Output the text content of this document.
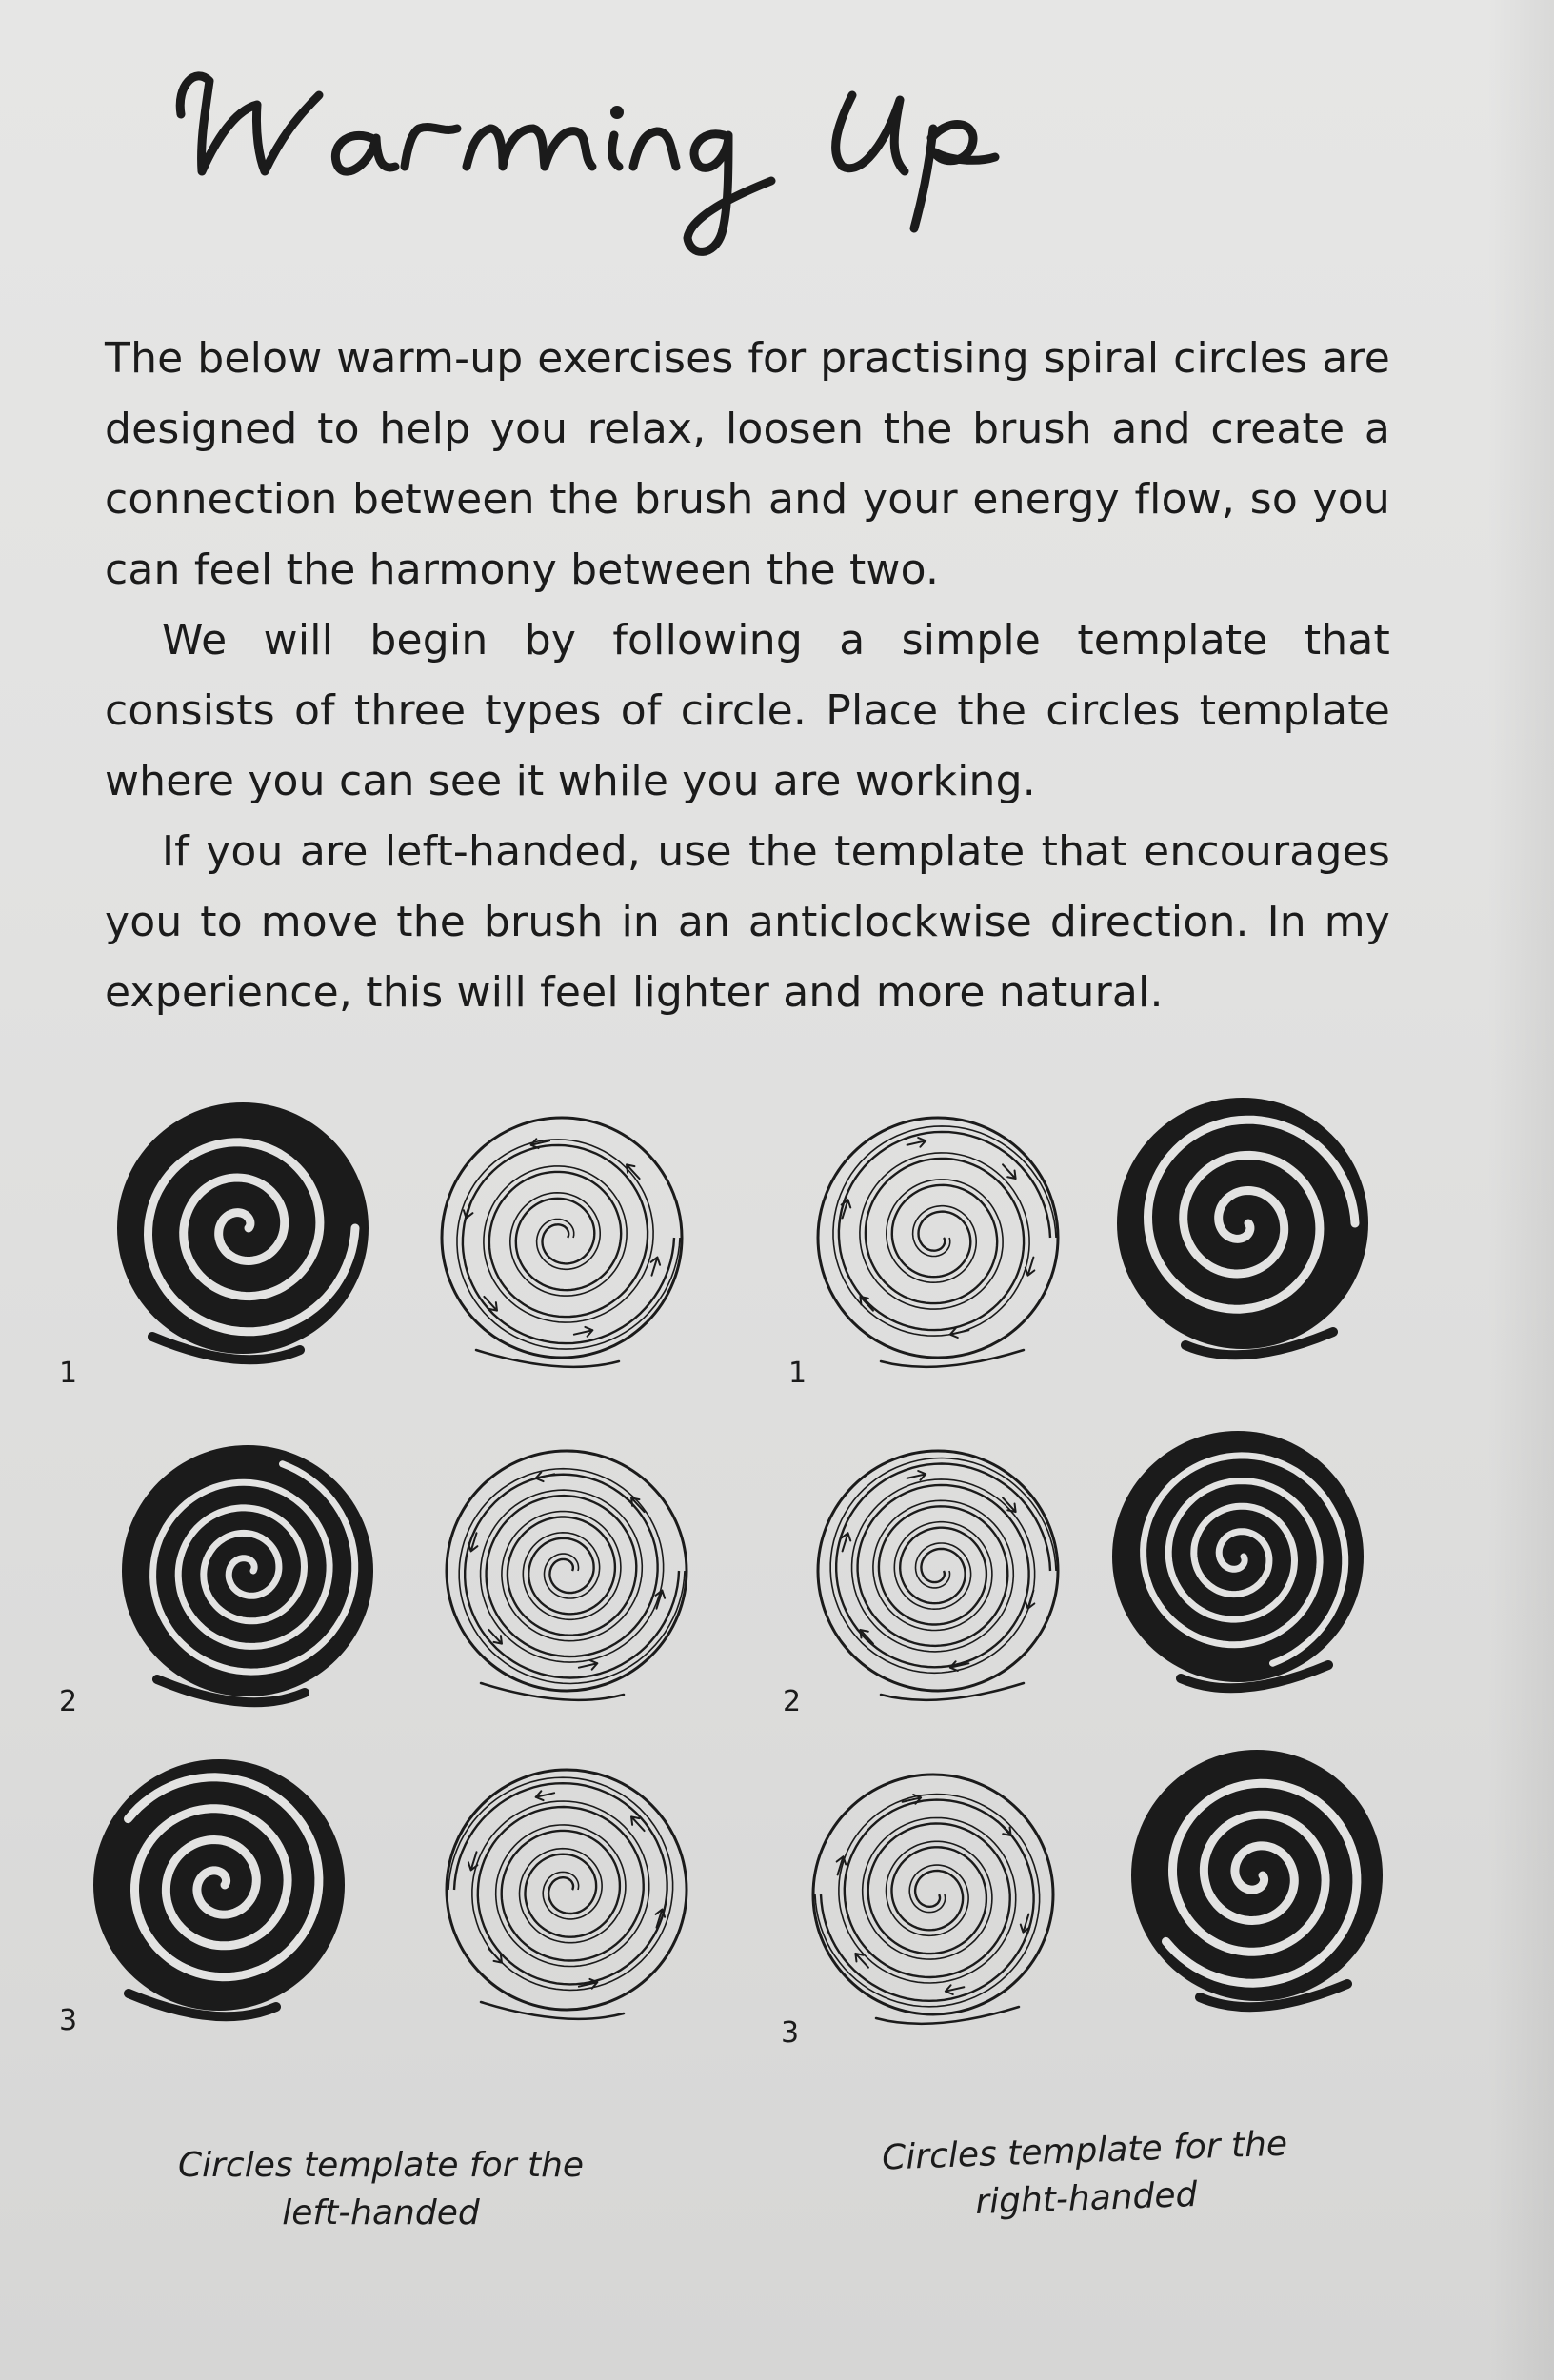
The below warm-up exercises for practising spiral circles are designed to help you relax, loosen the brush and create a connection between the brush and your energy flow, so you can feel the harmony between the two.

We will begin by following a simple template that consists of three types of circle. Place the circles template where you can see it while you are working.

If you are left-handed, use the template that encourages you to move the brush in an anticlockwise direction. In my experience, this will feel lighter and more natural.

1
2
3
1
2
3
Circles template for the
left-handed
Circles template for the
right-handed
